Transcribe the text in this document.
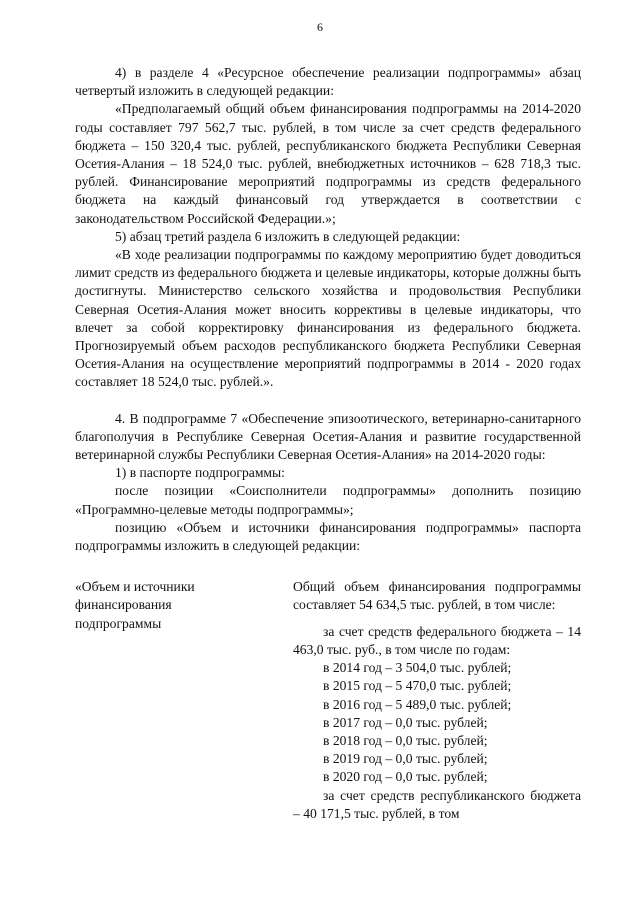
6

4) в разделе 4 «Ресурсное обеспечение реализации подпрограммы» абзац четвертый изложить в следующей редакции:

«Предполагаемый общий объем финансирования подпрограммы на 2014-2020 годы составляет 797 562,7 тыс. рублей, в том числе за счет средств федерального бюджета – 150 320,4 тыс. рублей, республиканского бюджета Республики Северная Осетия-Алания – 18 524,0 тыс. рублей, внебюджетных источников – 628 718,3 тыс. рублей. Финансирование мероприятий подпрограммы из средств федерального бюджета на каждый финансовый год утверждается в соответствии с законодательством Российской Федерации.»;

5) абзац третий раздела 6 изложить в следующей редакции:

«В ходе реализации подпрограммы по каждому мероприятию будет доводиться лимит средств из федерального бюджета и целевые индикаторы, которые должны быть достигнуты. Министерство сельского хозяйства и продовольствия Республики Северная Осетия-Алания может вносить коррективы в целевые индикаторы, что влечет за собой корректировку финансирования из федерального бюджета. Прогнозируемый объем расходов республиканского бюджета Республики Северная Осетия-Алания на осуществление мероприятий подпрограммы в 2014 - 2020 годах составляет 18 524,0 тыс. рублей.».

4. В подпрограмме 7 «Обеспечение эпизоотического, ветеринарно-санитарного благополучия в Республике Северная Осетия-Алания и развитие государственной ветеринарной службы Республики Северная Осетия-Алания» на 2014-2020 годы:

1) в паспорте подпрограммы:

после позиции «Соисполнители подпрограммы» дополнить позицию «Программно-целевые методы подпрограммы»;

позицию «Объем и источники финансирования подпрограммы» паспорта подпрограммы изложить в следующей редакции:

«Объем и источники финансирования подпрограммы

Общий объем финансирования подпрограммы составляет 54 634,5 тыс. рублей, в том числе:

за счет средств федерального бюджета – 14 463,0 тыс. руб., в том числе по годам:

в 2014 год – 3 504,0 тыс. рублей;

в 2015 год – 5 470,0 тыс. рублей;

в 2016 год – 5 489,0 тыс. рублей;

в 2017 год – 0,0 тыс. рублей;

в 2018 год – 0,0 тыс. рублей;

в 2019 год – 0,0 тыс. рублей;

в 2020 год – 0,0 тыс. рублей;

за счет средств республиканского бюджета – 40 171,5 тыс. рублей, в том
